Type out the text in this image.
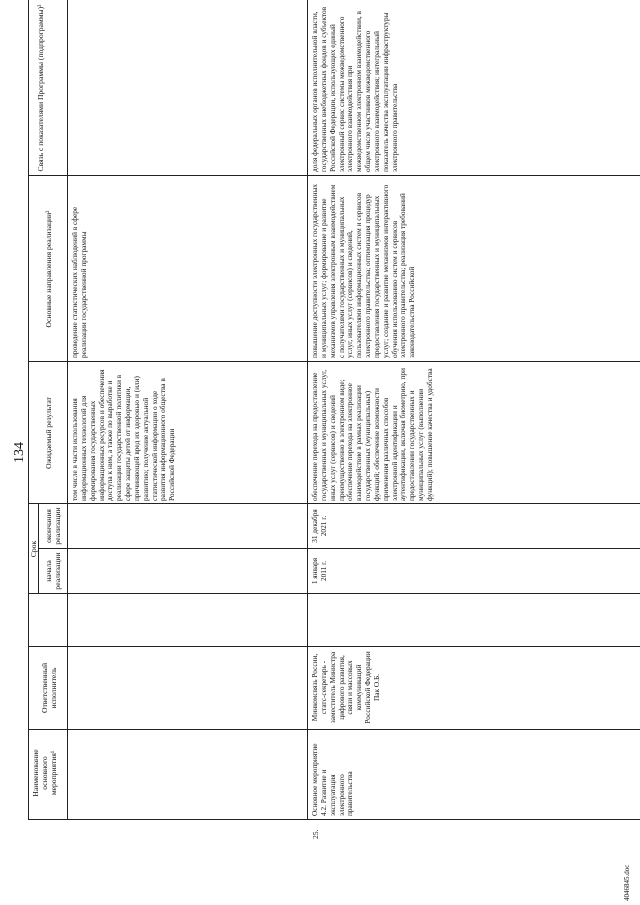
134
Наименование основного мероприятия¹
Ответственный исполнитель
Срок
начала реализации
окончания реализации
Ожидаемый результат
Основные направления реализации²
Связь с показателями Программы (подпрограммы)³
том числе в части использования информационных технологий для формирования государственных информационных ресурсов и обеспечения доступа к ним, а также по выработке и реализации государственной политики в сфере защиты детей от информации, причиняющей вред их здоровью и (или) развитию; получение актуальной статистической информации о ходе развития информационного общества в Российской Федерации
проведение статистических наблюдений в сфере реализации государственной программы
25.
Основное мероприятие 4.2. Развитие и эксплуатация электронного правительства
Минкомсвязь России, статс-секретарь - заместитель Министра цифрового развития, связи и массовых коммуникаций Российской Федерации Пак О.Б.
1 января 2011 г.
31 декабря 2021 г.
обеспечение перехода на предоставление государственных и муниципальных услуг, иных услуг (сервисов) и сведений преимущественно в электронном виде; обеспечение перехода на электронное взаимодействие в рамках реализации государственных (муниципальных) функций; обеспечение возможности применения различных способов электронной идентификации и аутентификации, включая биометрию, при предоставлении государственных и муниципальных услуг (выполнении функций); повышение качества и удобства
повышение доступности электронных государственных и муниципальных услуг; формирование и развитие механизмов управления электронным взаимодействием с получателями государственных и муниципальных услуг, иных услуг (сервисов) и сведений, пользователями информационных систем и сервисов электронного правительства; оптимизация процедур предоставления государственных и муниципальных услуг; создание и развитие механизмов интерактивного обучения использованию систем и сервисов электронного правительства; реализация требований законодательства Российской
доля федеральных органов исполнительной власти, государственных внебюджетных фондов и субъектов Российской Федерации, использующих единый электронный сервис системы межведомственного электронного взаимодействия при межведомственном электронном взаимодействии, в общем числе участников межведомственного электронного взаимодействия; интегральный показатель качества эксплуатации инфраструктуры электронного правительства
4046845.doc
